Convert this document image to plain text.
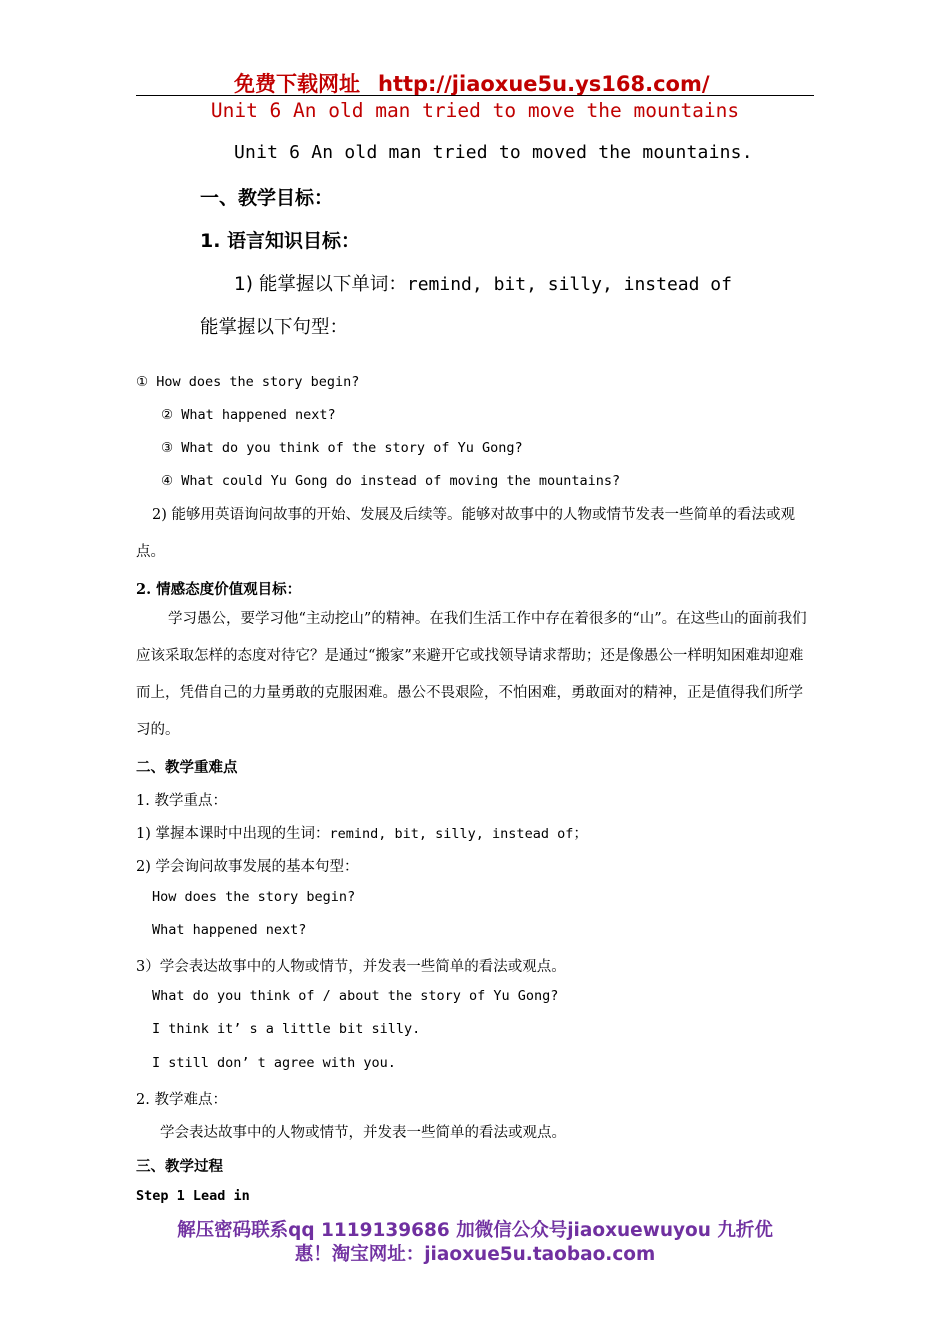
免费下载网址 http://jiaoxue5u.ys168.com/
Unit 6 An old man tried to move the mountains
Unit 6 An old man tried to moved the mountains.
一、教学目标：
1. 语言知识目标：
1) 能掌握以下单词：remind, bit, silly, instead of
能掌握以下句型：
① How does the story begin?
② What happened next?
③ What do you think of the story of Yu Gong?
④ What could Yu Gong do instead of moving the mountains?
2) 能够用英语询问故事的开始、发展及后续等。能够对故事中的人物或情节发表一些简单的看法或观点。
2. 情感态度价值观目标：
学习愚公，要学习他“主动挖山”的精神。在我们生活工作中存在着很多的“山”。在这些山的面前我们应该采取怎样的态度对待它？是通过“搬家”来避开它或找领导请求帮助；还是像愚公一样明知困难却迎难而上，凭借自己的力量勇敢的克服困难。愚公不畏艰险，不怕困难，勇敢面对的精神，正是值得我们所学习的。
二、教学重难点
1. 教学重点：
1) 掌握本课时中出现的生词：remind, bit, silly, instead of；
2) 学会询问故事发展的基本句型：
How does the story begin?
What happened next?
3）学会表达故事中的人物或情节，并发表一些简单的看法或观点。
What do you think of / about the story of Yu Gong?
I think it’ s a little bit silly.
I still don’ t agree with you.
2. 教学难点：
学会表达故事中的人物或情节，并发表一些简单的看法或观点。
三、教学过程
Step 1 Lead in
解压密码联系qq 1119139686 加微信公众号jiaoxuewuyou 九折优
惠！淘宝网址：jiaoxue5u.taobao.com
